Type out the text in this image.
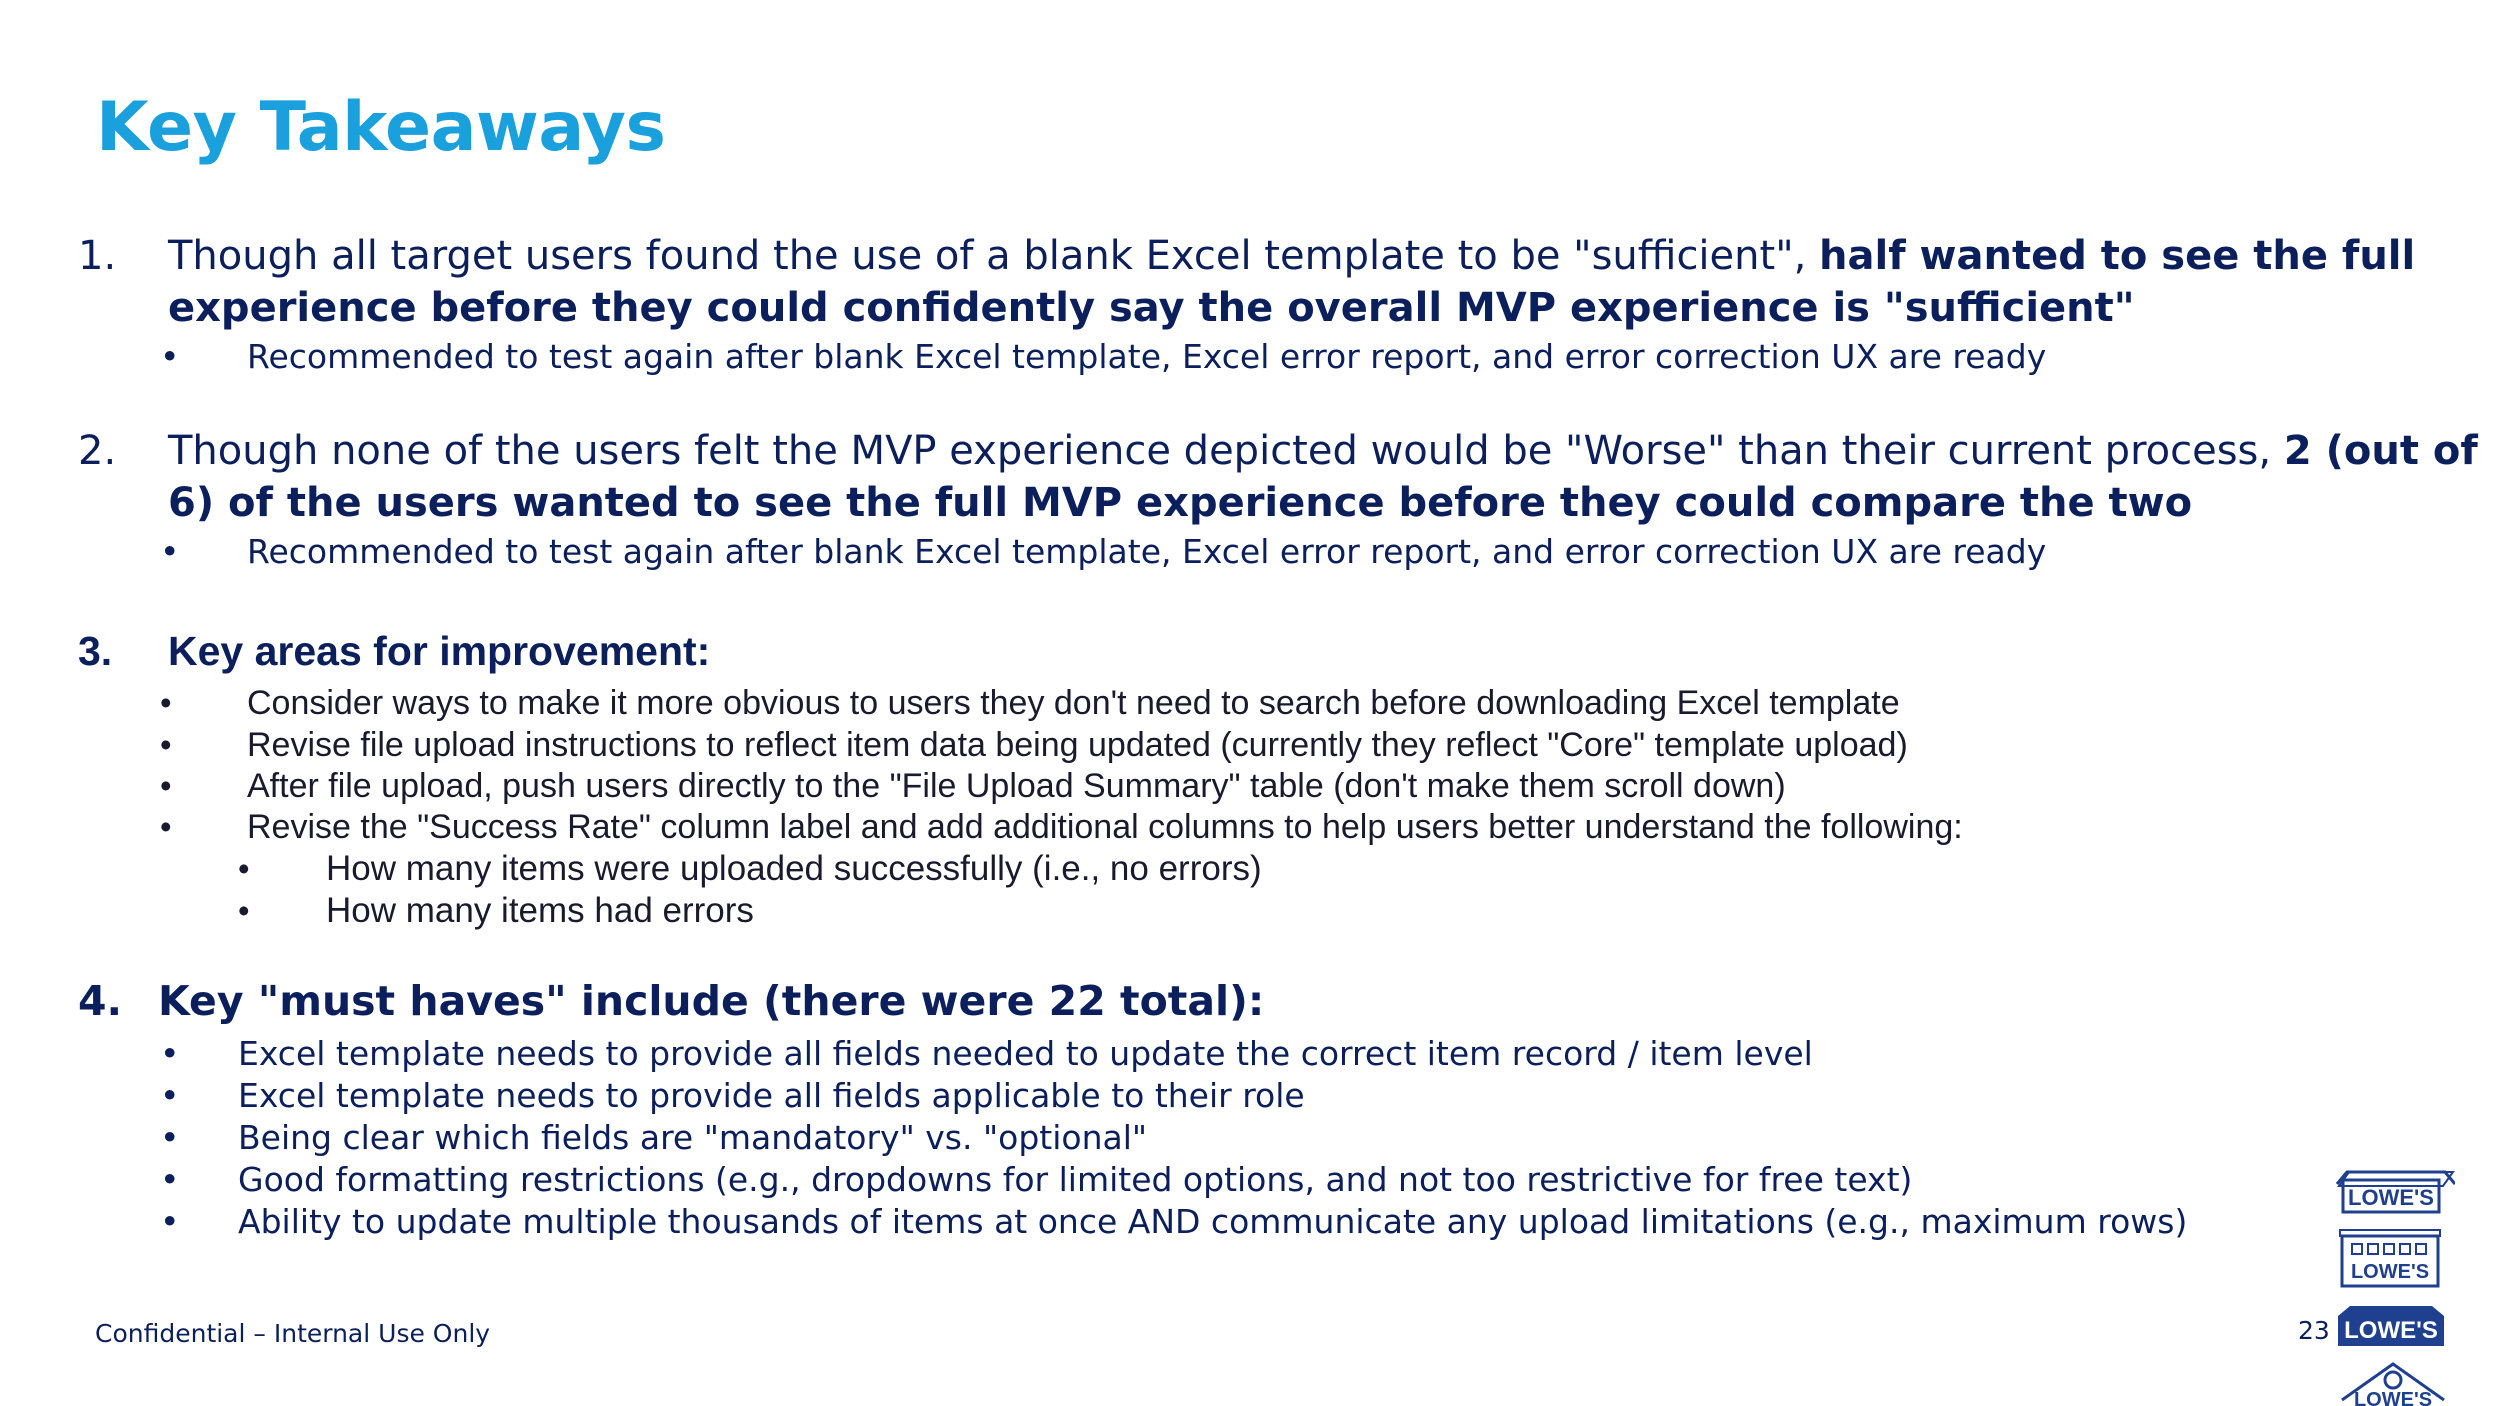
Key Takeaways
1. Though all target users found the use of a blank Excel template to be "sufficient", half wanted to see the full experience before they could confidently say the overall MVP experience is "sufficient"
• Recommended to test again after blank Excel template, Excel error report, and error correction UX are ready
2. Though none of the users felt the MVP experience depicted would be "Worse" than their current process, 2 (out of 6) of the users wanted to see the full MVP experience before they could compare the two
• Recommended to test again after blank Excel template, Excel error report, and error correction UX are ready
3. Key areas for improvement:
• Consider ways to make it more obvious to users they don't need to search before downloading Excel template
• Revise file upload instructions to reflect item data being updated (currently they reflect "Core" template upload)
• After file upload, push users directly to the "File Upload Summary" table (don't make them scroll down)
• Revise the "Success Rate" column label and add additional columns to help users better understand the following:
• How many items were uploaded successfully (i.e., no errors)
• How many items had errors
4. Key "must haves" include (there were 22 total):
• Excel template needs to provide all fields needed to update the correct item record / item level
• Excel template needs to provide all fields applicable to their role
• Being clear which fields are "mandatory" vs. "optional"
• Good formatting restrictions (e.g., dropdowns for limited options, and not too restrictive for free text)
• Ability to update multiple thousands of items at once AND communicate any upload limitations (e.g., maximum rows)
Confidential – Internal Use Only	23
LOWE'S
LOWE'S
LOWE'S
LOWE'S
